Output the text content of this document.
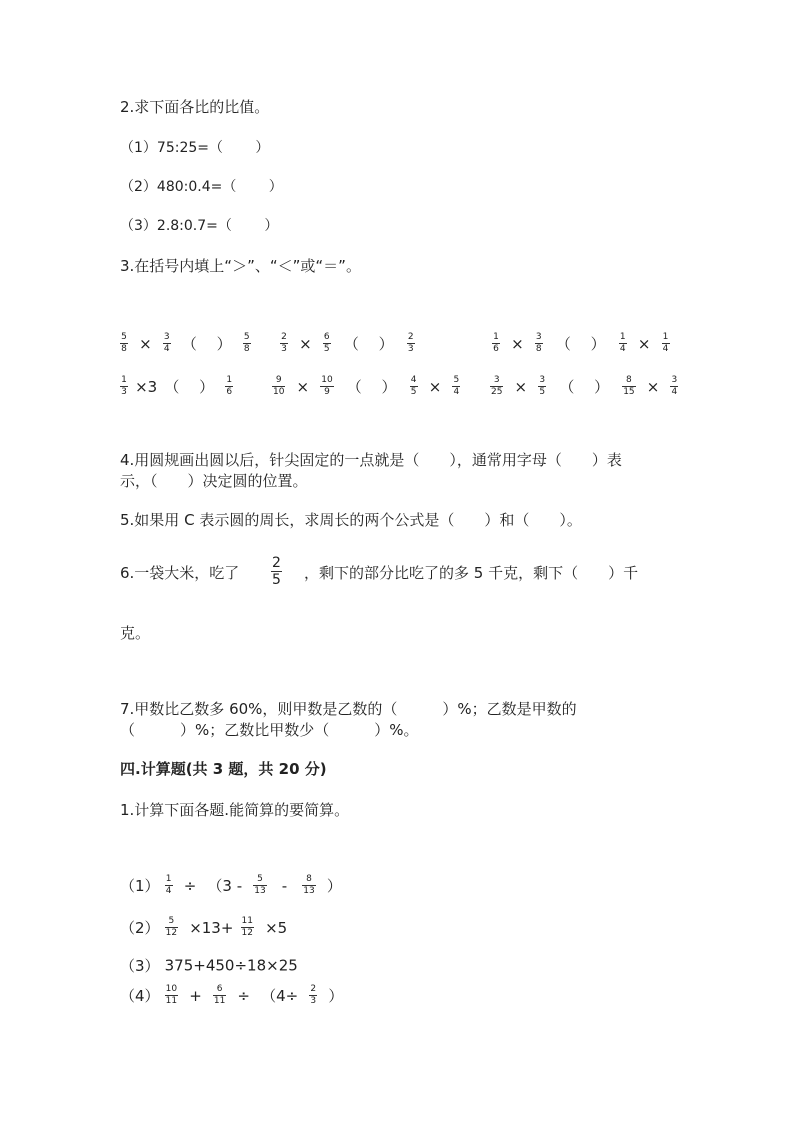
2.求下面各比的比值。
（1）75:25=（　　 ）
（2）480:0.4=（　　 ）
（3）2.8:0.7=（　　 ）
3.在括号内填上“＞”、“＜”或“＝”。
$\frac{5}{8} \times \frac{3}{4}$ （　 ） $\frac{5}{8}$	$\frac{2}{3} \times \frac{6}{5}$ （　 ） $\frac{2}{3}$	$\frac{1}{6} \times \frac{3}{8}$ （　 ） $\frac{1}{4} \times \frac{1}{4}$
$\frac{1}{3} \times 3$ （　 ） $\frac{1}{6}$	$\frac{9}{10} \times \frac{10}{9}$ （　 ） $\frac{4}{5} \times \frac{5}{4}$	$\frac{3}{25} \times \frac{3}{5}$ （　 ） $\frac{8}{15} \times \frac{3}{4}$
4.用圆规画出圆以后，针尖固定的一点就是（　　），通常用字母（　　）表
示，（　　）决定圆的位置。
5.如果用 C 表示圆的周长，求周长的两个公式是（　　）和（　　）。
6.一袋大米，吃了 $\frac{2}{5}$ ，剩下的部分比吃了的多 5 千克，剩下（　　）千
克。
7.甲数比乙数多 60%，则甲数是乙数的（　　　）%；乙数是甲数的
（　　　）%；乙数比甲数少（　　　）%。
四.计算题(共 3 题，共 20 分)
1.计算下面各题.能简算的要简算。
$(1) \frac{1}{4} \div (3 - \frac{5}{13} - \frac{8}{13}$ ）
$(2) \frac{5}{12} \times 13+ \frac{11}{12} \times 5$
（3） 375+450÷18×25
$(4) \frac{10}{11} + \frac{6}{11} \div (4\div \frac{2}{3}$ ）
